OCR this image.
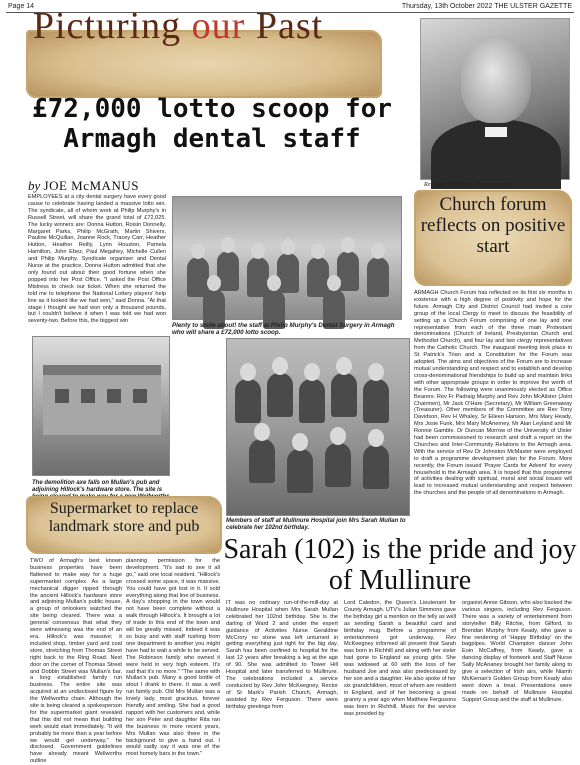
Page 14	Thursday, 13th October 2022 THE ULSTER GAZETTE
Picturing our Past
£72,000 lotto scoop for Armagh dental staff
by JOE McMANUS	Rev Tony Davidson - Forum member.
EMPLOYEES at a city dental surgery have every good cause to celebrate having landed a massive lotto win. The syndicate, all of whom work at Philip Murphy's in Russell Street, will share the grand total of £72,025. The lucky winners are: Donna Hutton, Roisin Donnelly, Margaret Parks, Philip McGrath, Martin Shivers, Pauline McQuillan, Joanne Rock, Tracey Carr, Heather Hutton, Heather Reilly, Lynn Houston, Pamela Hamilton, John Ebez, Paul Megahey, Michelle Cullen and Philip Murphy. Syndicate organiser and Dental Nurse at the practice, Donna Hutton admitted that she only found out about their good fortune when she popped into her Post Office. "I asked the Post Office Mistress to check our ticket. When she returned the told me to telephone the National Lottery players' help line as it looked like we had won," said Donna. "At that stage I thought we had won only a thousand pounds, but I couldn't believe it when I was told we had won seventy-two. Before this, the biggest win
Plenty to smile about! the staff at Philip Murphy's Dental Surgery in Armagh who will share a £72,000 lotto scoop.
Church forum reflects on positive start
ARMAGH Church Forum has reflected on its first six months in existence with a high degree of positivity and hope for the future. Armagh City and District Council had invited a core group of the local Clergy to meet to discuss the feasibility of setting up a Church Forum comprising of one lay and one representative from each of the three main Protestant denominations (Church of Ireland, Presbyterian Church and Methodist Church), and four lay and two clergy representatives from the Catholic Church. The inaugural meeting took place in St Patrick's Trian and a Constitution for the Forum was adopted. The aims and objectives of the Forum are to increase mutual understanding and respect and to establish and develop cross-denominational friendships to build up and maintain links with other appropriate groups in order to improve the worth of the Forum. The following were unanimously elected as Office Bearers: Rev Fr Padraig Murphy and Rev John McAlister (Joint Chairmen), Mr Jack O'Hare (Secretary), Mr William Greenaway (Treasurer). Other members of the Committee are Rev Tony Davidson, Rev H Whaley, Sr Eileen Hanson, Mrs Mary Heady, Mrs Josie Funk, Mrs Mary McAnerney, Mr Alan Leyland and Mr Ronnie Gamble. Dr Duncan Morrow of the University of Ulster had been commissioned to research and draft a report on the Churches and Inter-Community Relations in the Armagh area. With the service of Rev Dr Johnston McMaster were employed to draft a programme development plan for the Forum. More recently, the Forum issued 'Prayer Cards for Advent' for every household in the Armagh area. It is hoped that this programme of activities dealing with spiritual, moral and social issues will lead to increased mutual understanding and respect between the churches and the people of all denominations in Armagh.
The demolition axe falls on Mullan's pub and adjoining Hillock's hardware store. The site is
Supermarket to replace landmark store and pub
TWO of Armagh's best known business properties have been flattened to make way for a huge supermarket complex. As a large mechanical digger ripped through the ancient Hillock's hardware store and adjoining Mullan's public house, a group of onlookers watched the site being cleared. There was a general consensus that what they were witnessing was the end of an era. Hillock's was massive; it included shop, timber yard and coal store, stretching from Thomas Street right back to the Ring Road. Next door on the corner of Thomas Street and Dobbin Street was Mullan's bar, a long established family run business. The entire site was acquired at an undisclosed figure by the Wellworths chain. Although the site is being cleared a spokesperson for the supermarket giant revealed that this did not mean that building work would start immediately. "It will probably be more than a year before we would get underway," he disclosed. Government guidelines have already meant Wellworths outline
planning permission for the development. "It's sad to see it all go," said one local resident. "Hillock's crossed some space, it was massive. You could have got lost in it. It sold everything along that line of business. A day's shopping in the town would not have been complete without a walk through Hillock's. It brought a lot of trade to this end of the town and will be greatly missed. Indeed it was so busy and with staff rushing from one department to another you might have had to wait a while to be served. The Robinson family who owned it were held in very high esteem. It's sad that it's no more." "The same with Mullan's pub. Many a good bottle of stout I drank in there. It was a well run family pub. Old Mrs Mullan was a lovely lady, most gracious, forever friendly and smiling. She had a good rapport with her customers and, while her son Peter and daughter Rita ran the business in more recent years, Mrs Mullan was also there in the background to give a hand out. I would sadly say it was one of the most homely bars in the town."
Members of staff at Mullinure Hospital join Mrs Sarah Mullan to celebrate her 102nd birthday.
Sarah (102) is the pride and joy of Mullinure
IT was no ordinary run-of-the-mill-day at Mullinure Hospital when Mrs Sarah Mullan celebrated her 102nd birthday. She is the darling of Ward 2 and under the expert guidance of Activities Nurse Geraldine McCrory no stone was left unturned in getting everything just right for the big day. Sarah has been confined to hospital for the last 12 years after breaking a leg at the age of 90. She was admitted to Tower Hill Hospital and later transferred to Mullinure. The celebrations included a service conducted by Rev John McKeegney, Rector of St Mark's Parish Church, Armagh, assisted by Rev Ferguson. There were birthday greetings from
Lord Caledon, the Queen's Lieutenant for County Armagh. UTV's Julian Simmons gave the birthday girl a mention on the telly as well as sending Sarah a beautiful card and birthday mug. Before a programme of entertainment got underway, Rev McKeegney informed all present that Sarah was born in Richhill and along with her sister had gone to England as young girls. She was widowed at 60 with the loss of her husband Joe and was also predeceased by her son and a daughter. He also spoke of her six grandchildren, most of whom are resident in England, and of her becoming a great granny a year ago when Matthew Fergusons was born in Richhill. Music for the service was provided by
organist Annie Gibson, who also backed the various singers, including Rev Ferguson. There was a variety of entertainment from storyteller Billy Ritchie, from Gilford, to Brendan Murphy from Keady, who gave a fine rendering of 'Happy Birthday' on the bagpipes. World Champion dancer John Eoin McCaffrey, from Keady, gave a dancing display of footwork and Staff Nurse Sally McAnaney brought her family along to give a selection of Irish airs, while Niamh McKernan's Golden Group from Keady also went down a treat. Presentations were made on behalf of Mullinure Hospital Support Group and the staff at Mullinure.
